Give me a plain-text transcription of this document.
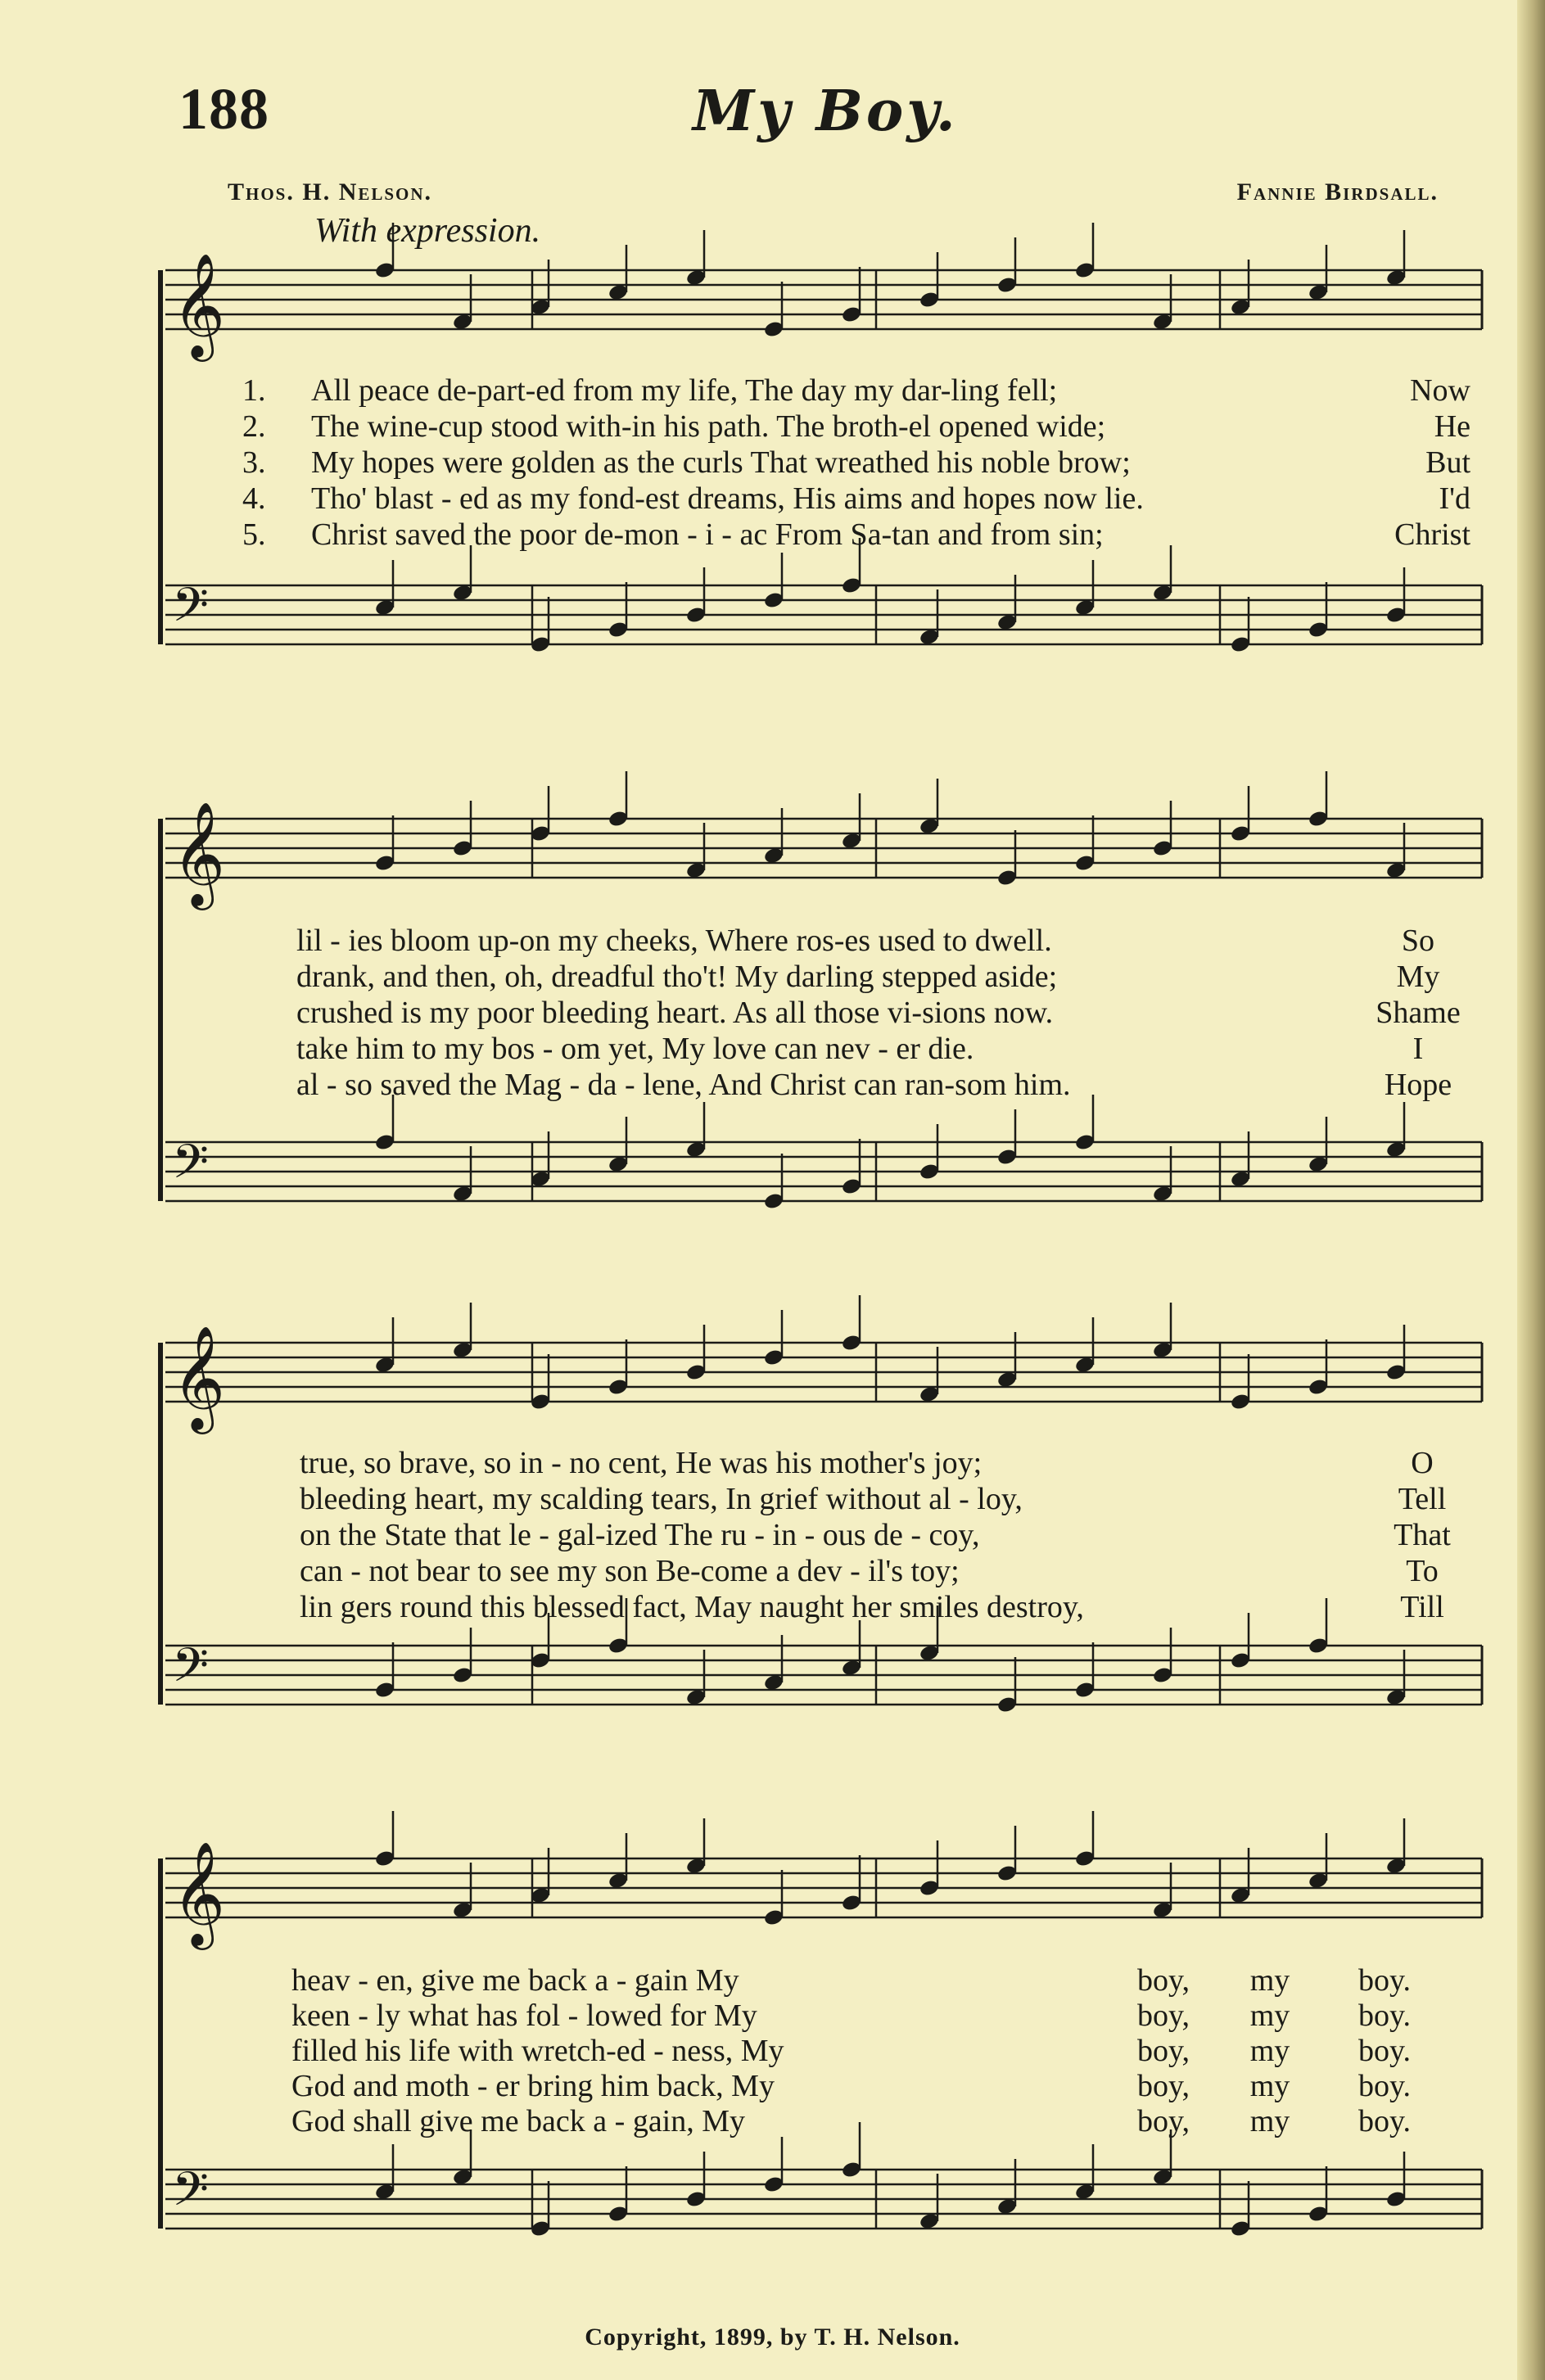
188	My Boy.
Thos. H. Nelson.	Fannie Birdsall.
With expression.
𝄞
𝄢
𝄞
𝄢
𝄞
𝄢
𝄞
𝄢
1.	All peace de-part-ed from my life, The day my dar-ling fell;	Now
2.	The wine-cup stood with-in his path. The broth-el opened wide;	He
3.	My hopes were golden as the curls That wreathed his noble brow;	But
4.	Tho' blast - ed as my fond-est dreams, His aims and hopes now lie.	I'd
5.	Christ saved the poor de-mon - i - ac From Sa-tan and from sin;	Christ
lil - ies bloom up-on my cheeks, Where ros-es used to dwell.	So
drank, and then, oh, dreadful tho't! My darling stepped aside;	My
crushed is my poor bleeding heart. As all those vi-sions now.	Shame
take him to my bos - om yet, My love can nev - er die.	I
al - so saved the Mag - da - lene, And Christ can ran-som him.	Hope
true, so brave, so in - no cent, He was his mother's joy;	O
bleeding heart, my scalding tears, In grief without al - loy,	Tell
on the State that le - gal-ized The ru - in - ous de - coy,	That
can - not bear to see my son Be-come a dev - il's toy;	To
lin gers round this blessed fact, May naught her smiles destroy,	Till
heav - en, give me back a - gain My	boy,	my	boy.
keen - ly what has fol - lowed for My	boy,	my	boy.
filled his life with wretch-ed - ness, My	boy,	my	boy.
God and moth - er bring him back, My	boy,	my	boy.
God shall give me back a - gain, My	boy,	my	boy.
Copyright, 1899, by T. H. Nelson.
